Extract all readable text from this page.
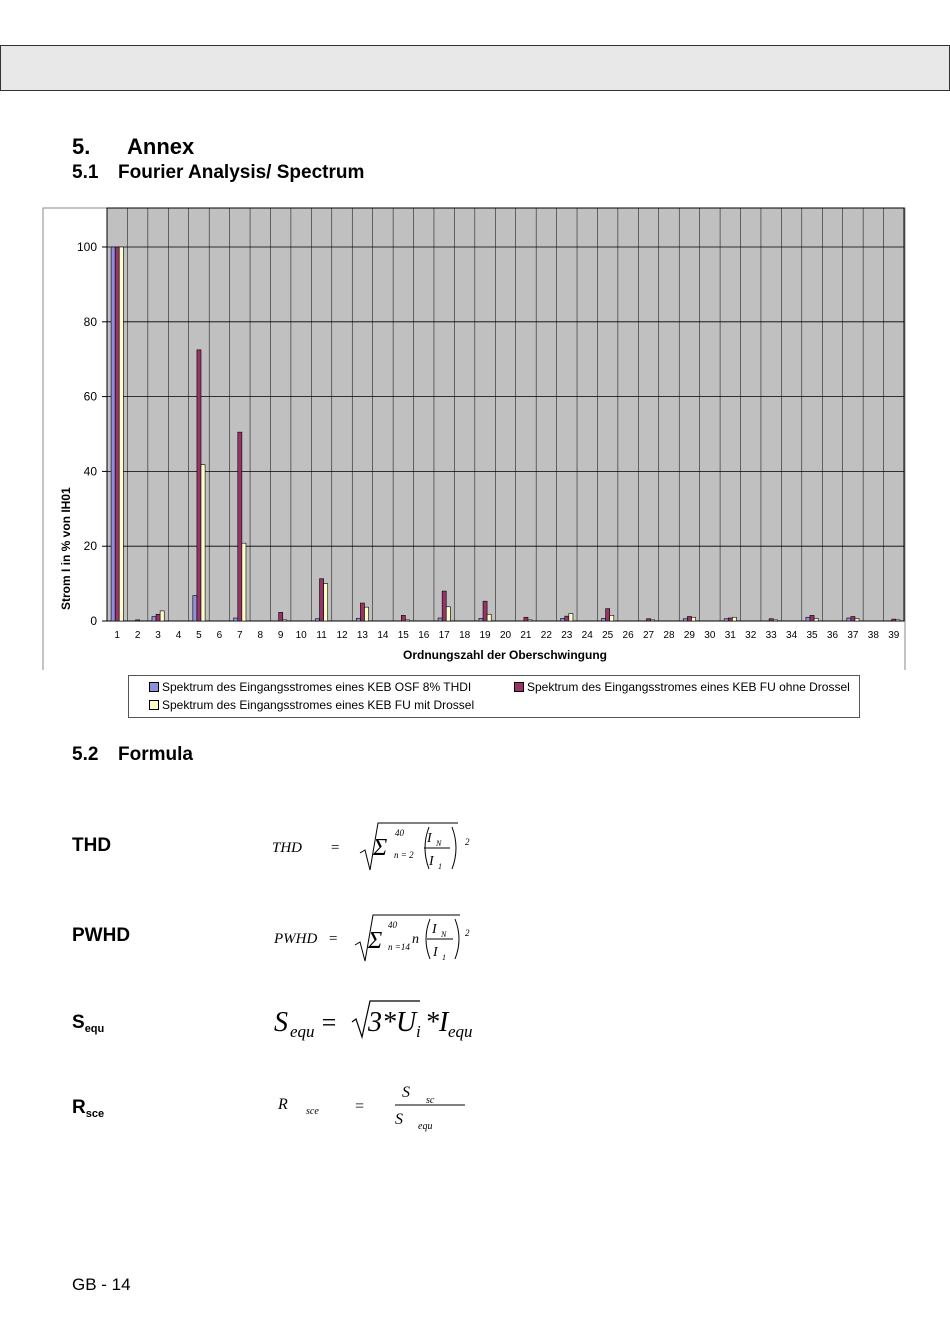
5. Annex
5.1 Fourier Analysis/ Spectrum
0
20
40
60
80
100
1 2 3 4 5 6 7 8 9 10 11 12 13 14 15 16 17 18 19 20 21 22 23 24 25 26 27 28 29 30 31 32 33 34 35 36 37 38 39
Strom I in % von IH01
Ordnungszahl der Oberschwingung
Spektrum des Eingangsstromes eines KEB OSF 8% THDI	Spektrum des Eingangsstromes eines KEB FU ohne Drossel
Spektrum des Eingangsstromes eines KEB FU mit Drossel
5.2 Formula
THD	THD = Σ
40
n = 2
I N
I 1
2
PWHD	PWHD = Σ
40
n =14 n
I N
I 1
2
$S_{equ}$	S equ = 3*U i *I equ
$R_{sce}$
R sce =
S sc
S equ
GB - 14
